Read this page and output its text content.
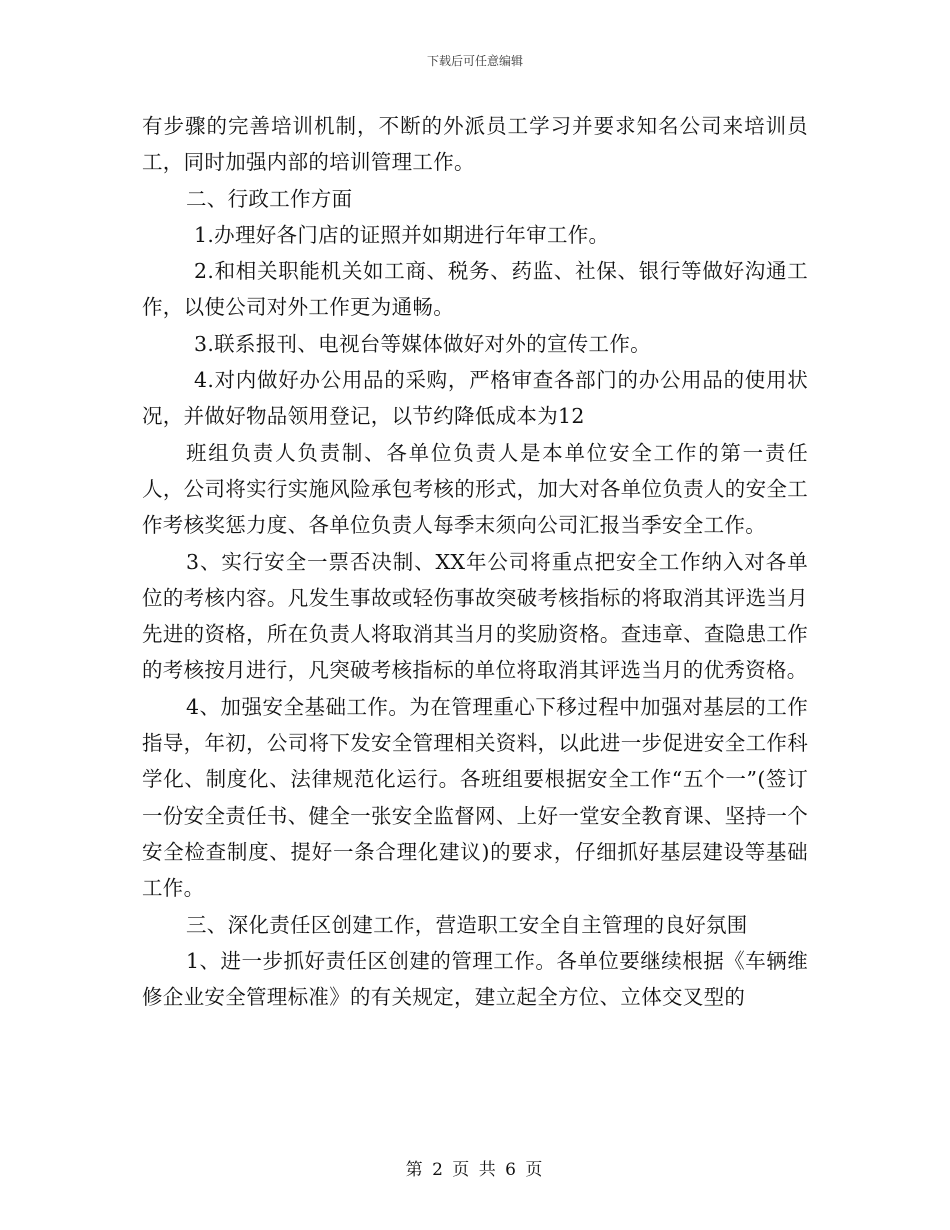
下载后可任意编辑

有步骤的完善培训机制，不断的外派员工学习并要求知名公司来培训员工，同时加强内部的培训管理工作。

二、行政工作方面

1.办理好各门店的证照并如期进行年审工作。

2.和相关职能机关如工商、税务、药监、社保、银行等做好沟通工作，以使公司对外工作更为通畅。

3.联系报刊、电视台等媒体做好对外的宣传工作。

4.对内做好办公用品的采购，严格审查各部门的办公用品的使用状况，并做好物品领用登记，以节约降低成本为12

班组负责人负责制、各单位负责人是本单位安全工作的第一责任人，公司将实行实施风险承包考核的形式，加大对各单位负责人的安全工作考核奖惩力度、各单位负责人每季末须向公司汇报当季安全工作。

3、实行安全一票否决制、XX年公司将重点把安全工作纳入对各单位的考核内容。凡发生事故或轻伤事故突破考核指标的将取消其评选当月先进的资格，所在负责人将取消其当月的奖励资格。查违章、查隐患工作的考核按月进行，凡突破考核指标的单位将取消其评选当月的优秀资格。

4、加强安全基础工作。为在管理重心下移过程中加强对基层的工作指导，年初，公司将下发安全管理相关资料，以此进一步促进安全工作科学化、制度化、法律规范化运行。各班组要根据安全工作“五个一”(签订一份安全责任书、健全一张安全监督网、上好一堂安全教育课、坚持一个安全检查制度、提好一条合理化建议)的要求，仔细抓好基层建设等基础工作。

三、深化责任区创建工作，营造职工安全自主管理的良好氛围

1、进一步抓好责任区创建的管理工作。各单位要继续根据《车辆维修企业安全管理标准》的有关规定，建立起全方位、立体交叉型的

第 2 页 共 6 页
